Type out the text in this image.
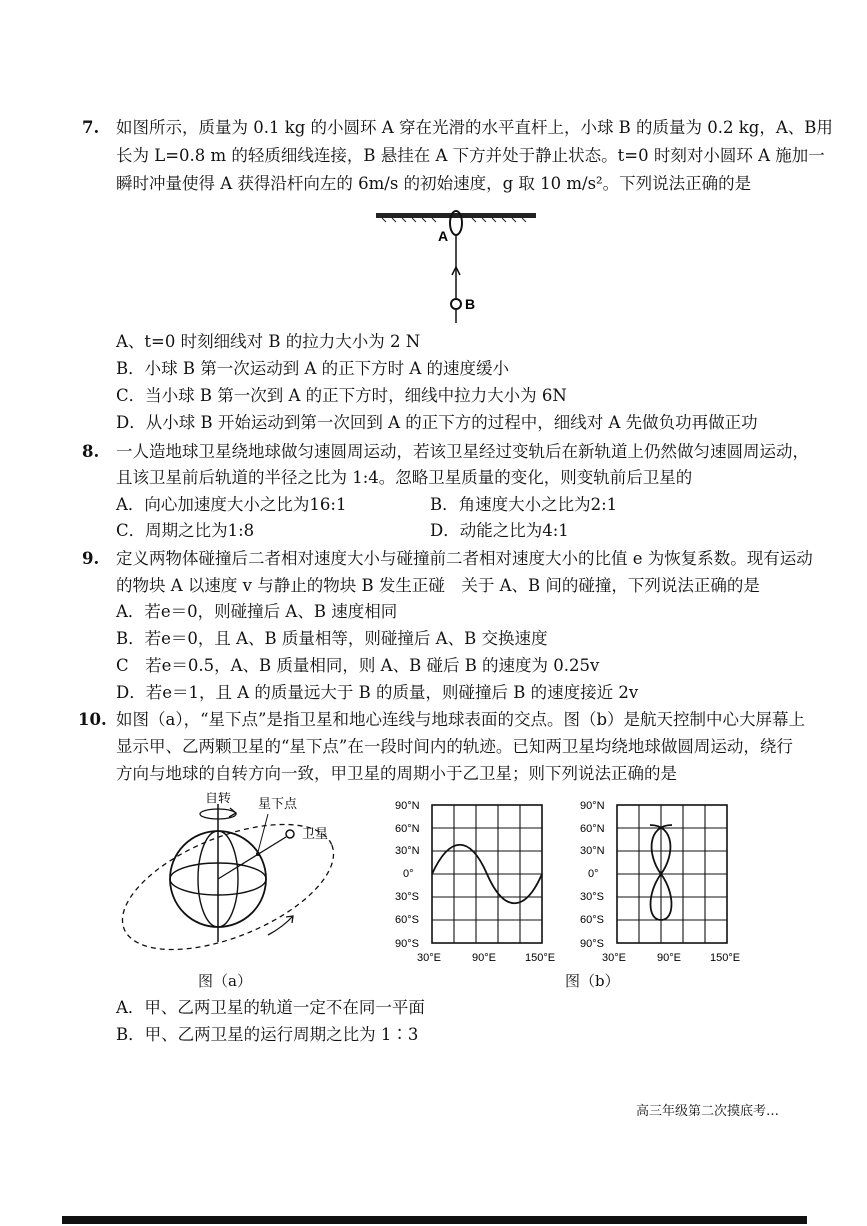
7. 如图所示，质量为 0.1 kg 的小圆环 A 穿在光滑的水平直杆上，小球 B 的质量为 0.2 kg，A、B用
长为 L=0.8 m 的轻质细线连接，B 悬挂在 A 下方并处于静止状态。t=0 时刻对小圆环 A 施加一
瞬时冲量使得 A 获得沿杆向左的 6m/s 的初始速度，g 取 10 m/s²。下列说法正确的是
A
B
A、t=0 时刻细线对 B 的拉力大小为 2 N
B．小球 B 第一次运动到 A 的正下方时 A 的速度缓小
C．当小球 B 第一次到 A 的正下方时，细线中拉力大小为 6N
D．从小球 B 开始运动到第一次回到 A 的正下方的过程中，细线对 A 先做负功再做正功
8. 一人造地球卫星绕地球做匀速圆周运动，若该卫星经过变轨后在新轨道上仍然做匀速圆周运动，
且该卫星前后轨道的半径之比为 1:4。忽略卫星质量的变化，则变轨前后卫星的
A．向心加速度大小之比为16:1	B．角速度大小之比为2:1
C．周期之比为1:8	D．动能之比为4:1
9. 定义两物体碰撞后二者相对速度大小与碰撞前二者相对速度大小的比值 e 为恢复系数。现有运动
的物块 A 以速度 v 与静止的物块 B 发生正碰　关于 A、B 间的碰撞，下列说法正确的是
A．若e＝0，则碰撞后 A、B 速度相同
B．若e＝0，且 A、B 质量相等，则碰撞后 A、B 交换速度
C　若e＝0.5，A、B 质量相同，则 A、B 碰后 B 的速度为 0.25v
D．若e＝1，且 A 的质量远大于 B 的质量，则碰撞后 B 的速度接近 2v
10. 如图（a），“星下点”是指卫星和地心连线与地球表面的交点。图（b）是航天控制中心大屏幕上
显示甲、乙两颗卫星的“星下点”在一段时间内的轨迹。已知两卫星均绕地球做圆周运动，绕行
方向与地球的自转方向一致，甲卫星的周期小于乙卫星；则下列说法正确的是
自转 星下点
卫星
图（a）
90°N
60°N
30°N
0°
30°S
60°S
90°S
30°E	90°E	150°E
90°N
60°N
30°N
0°
30°S
60°S
90°S
30°E	90°E	150°E
图（b）
A．甲、乙两卫星的轨道一定不在同一平面
B．甲、乙两卫星的运行周期之比为 1∶3
高三年级第二次摸底考…
